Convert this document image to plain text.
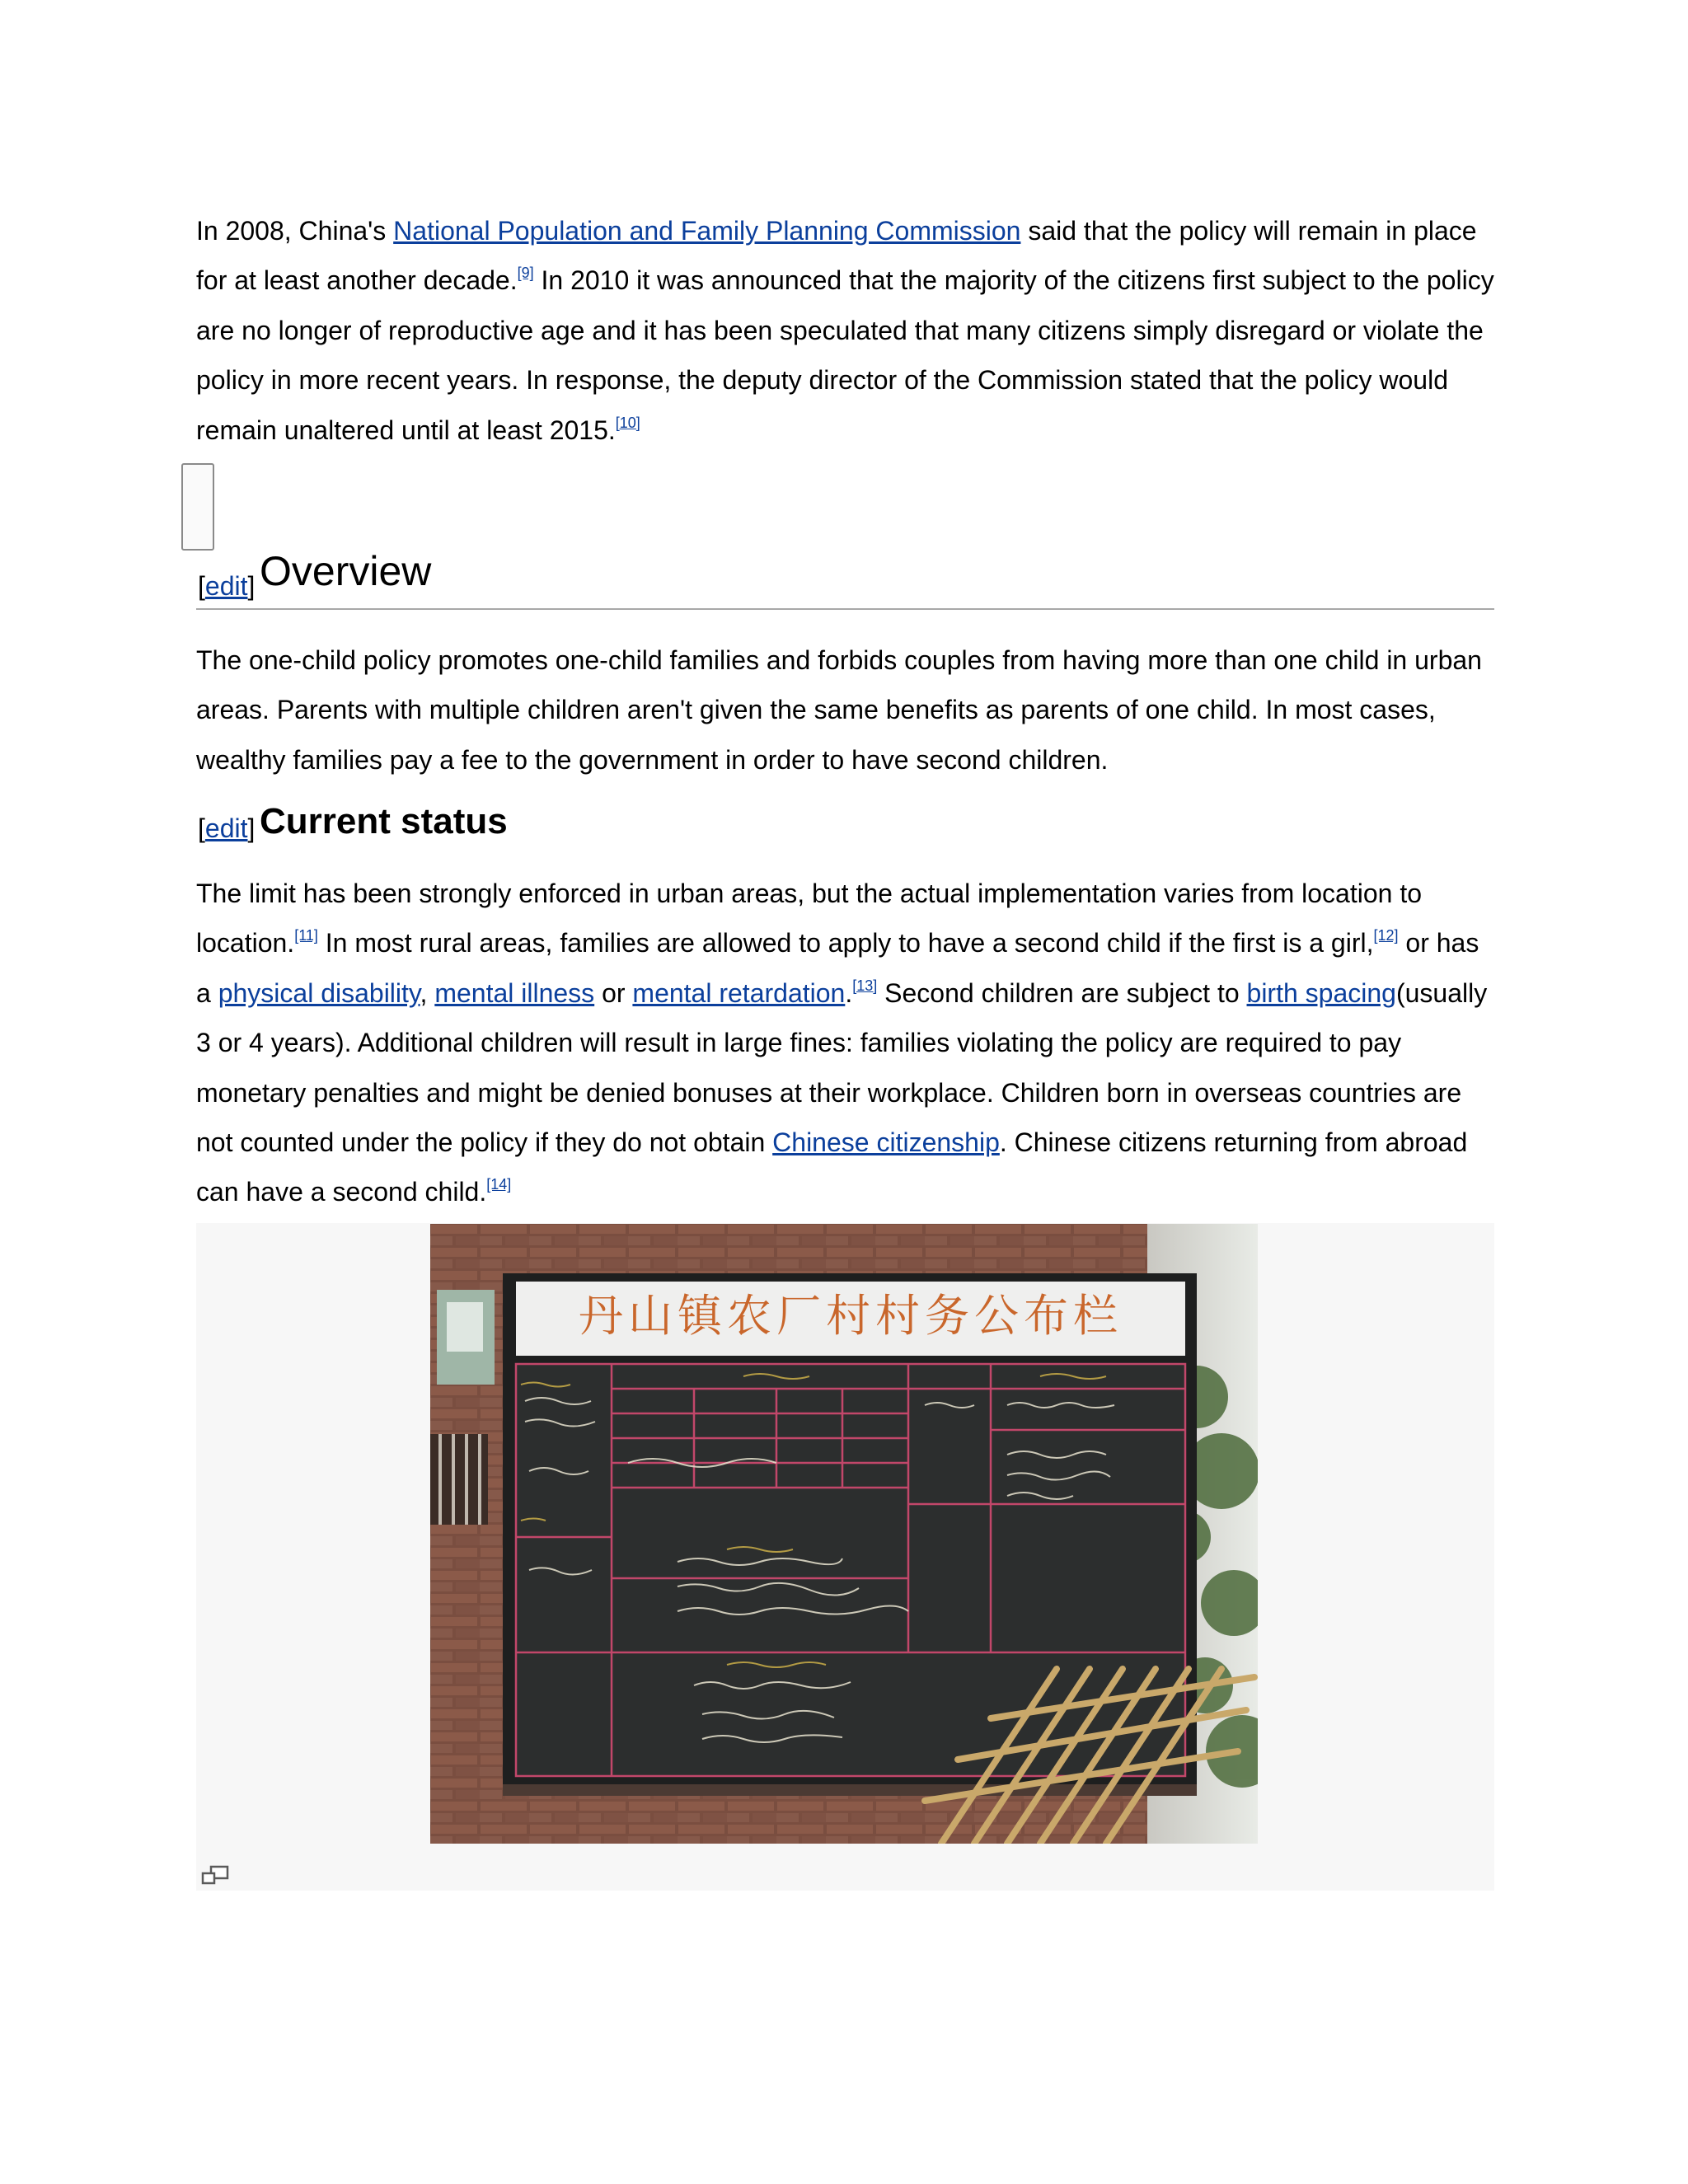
In 2008, China's National Population and Family Planning Commission said that the policy will remain in place for at least another decade.[9] In 2010 it was announced that the majority of the citizens first subject to the policy are no longer of reproductive age and it has been speculated that many citizens simply disregard or violate the policy in more recent years. In response, the deputy director of the Commission stated that the policy would remain unaltered until at least 2015.[10]

[edit] Overview

The one-child policy promotes one-child families and forbids couples from having more than one child in urban areas. Parents with multiple children aren't given the same benefits as parents of one child. In most cases, wealthy families pay a fee to the government in order to have second children.

[edit] Current status

The limit has been strongly enforced in urban areas, but the actual implementation varies from location to location.[11] In most rural areas, families are allowed to apply to have a second child if the first is a girl,[12] or has a physical disability, mental illness or mental retardation.[13] Second children are subject to birth spacing(usually 3 or 4 years). Additional children will result in large fines: families violating the policy are required to pay monetary penalties and might be denied bonuses at their workplace. Children born in overseas countries are not counted under the policy if they do not obtain Chinese citizenship. Chinese citizens returning from abroad can have a second child.[14]

丹山镇农厂村村务公布栏
